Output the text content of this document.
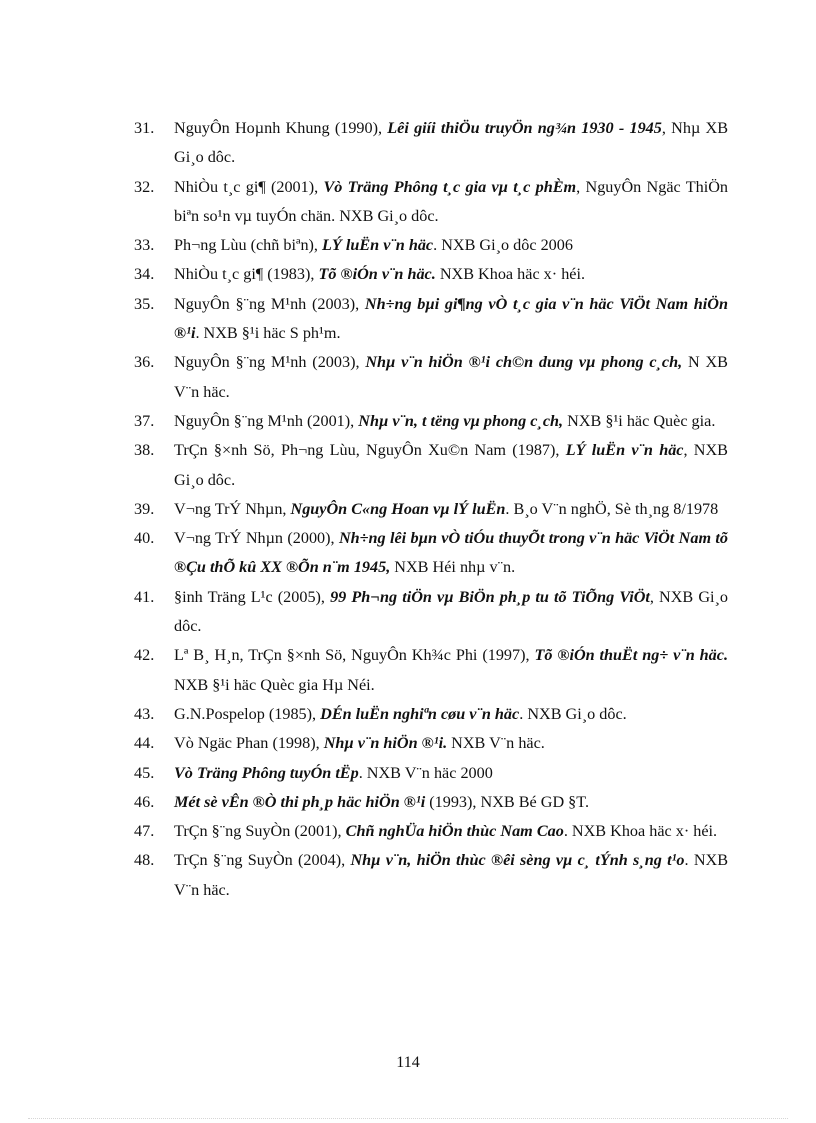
31. NguyÔn Hoµnh Khung (1990), Lêi giíi thiÖu truyÖn ng¾n 1930 - 1945, Nhµ XB Gi¸o dôc.
32. NhiÒu t¸c gi¶ (2001), Vò Träng Phông t¸c gia vµ t¸c phÈm, NguyÔn Ngäc ThiÖn biªn so¹n vµ tuyÓn chän. NXB Gi¸o dôc.
33. Ph¬ng Lùu (chñ biªn), LÝ luËn v¨n häc. NXB Gi¸o dôc 2006
34. NhiÒu t¸c gi¶ (1983), Tõ ®iÓn v¨n häc. NXB Khoa häc x· héi.
35. NguyÔn §¨ng M¹nh (2003), Nh÷ng bµi gi¶ng vÒ t¸c gia v¨n häc ViÖt Nam hiÖn ®¹i. NXB §¹i häc S ph¹m.
36. NguyÔn §¨ng M¹nh (2003), Nhµ v¨n hiÖn ®¹i ch©n dung vµ phong c¸ch, N XB V¨n häc.
37. NguyÔn §¨ng M¹nh (2001), Nhµ v¨n, t tëng vµ phong c¸ch, NXB §¹i häc Quèc gia.
38. TrÇn §×nh Sö, Ph¬ng Lùu, NguyÔn Xu©n Nam (1987), LÝ luËn v¨n häc, NXB Gi¸o dôc.
39. V¬ng TrÝ Nhµn, NguyÔn C«ng Hoan vµ lÝ luËn. B¸o V¨n nghÖ, Sè th¸ng 8/1978
40. V¬ng TrÝ Nhµn (2000), Nh÷ng lêi bµn vÒ tiÓu thuyÕt trong v¨n häc ViÖt Nam tõ ®Çu thÕ kû XX ®Õn n¨m 1945, NXB Héi nhµ v¨n.
41. §inh Träng L¹c (2005), 99 Ph¬ng tiÖn vµ BiÖn ph¸p tu tõ TiÕng ViÖt, NXB Gi¸o dôc.
42. Lª B¸ H¸n, TrÇn §×nh Sö, NguyÔn Kh¾c Phi (1997), Tõ ®iÓn thuËt ng÷ v¨n häc. NXB §¹i häc Quèc gia Hµ Néi.
43. G.N.Pospelop (1985), DÉn luËn nghiªn cøu v¨n häc. NXB Gi¸o dôc.
44. Vò Ngäc Phan (1998), Nhµ v¨n hiÖn ®¹i. NXB V¨n häc.
45. Vò Träng Phông tuyÓn tËp. NXB V¨n häc 2000
46. Mét sè vÊn ®Ò thi ph¸p häc hiÖn ®¹i (1993), NXB Bé GD §T.
47. TrÇn §¨ng SuyÒn (2001), Chñ nghÜa hiÖn thùc Nam Cao. NXB Khoa häc x· héi.
48. TrÇn §¨ng SuyÒn (2004), Nhµ v¨n, hiÖn thùc ®êi sèng vµ c¸ tÝnh s¸ng t¹o. NXB V¨n häc.
114
